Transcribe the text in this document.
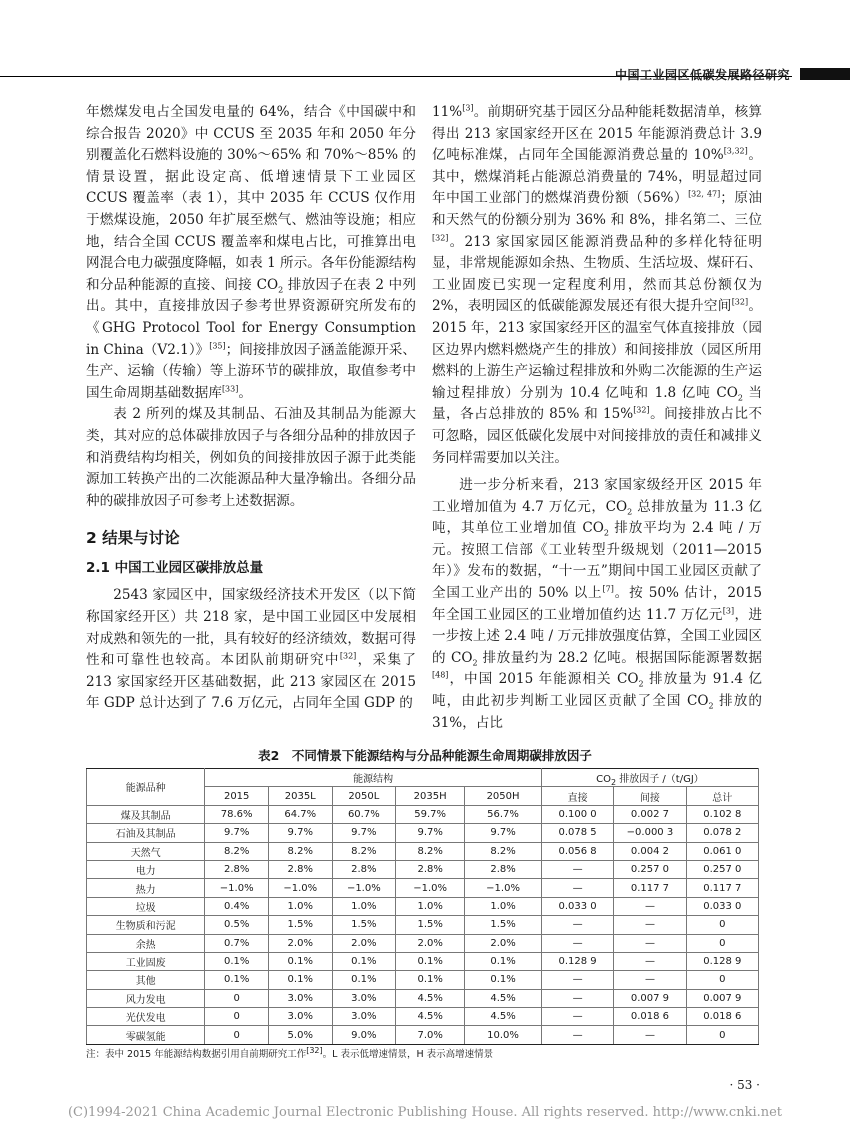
中国工业园区低碳发展路径研究

年燃煤发电占全国发电量的 64%，结合《中国碳中和综合报告 2020》中 CCUS 至 2035 年和 2050 年分别覆盖化石燃料设施的 30%～65% 和 70%～85% 的情景设置，据此设定高、低增速情景下工业园区 CCUS 覆盖率（表 1），其中 2035 年 CCUS 仅作用于燃煤设施，2050 年扩展至燃气、燃油等设施；相应地，结合全国 CCUS 覆盖率和煤电占比，可推算出电网混合电力碳强度降幅，如表 1 所示。各年份能源结构和分品种能源的直接、间接 $CO_2$ 排放因子在表 2 中列出。其中，直接排放因子参考世界资源研究所发布的《GHG Protocol Tool for Energy Consumption in China（V2.1）》[35]；间接排放因子涵盖能源开采、生产、运输（传输）等上游环节的碳排放，取值参考中国生命周期基础数据库[33]。

表 2 所列的煤及其制品、石油及其制品为能源大类，其对应的总体碳排放因子与各细分品种的排放因子和消费结构均相关，例如负的间接排放因子源于此类能源加工转换产出的二次能源品种大量净输出。各细分品种的碳排放因子可参考上述数据源。

2 结果与讨论
2.1 中国工业园区碳排放总量

2543 家园区中，国家级经济技术开发区（以下简称国家经开区）共 218 家，是中国工业园区中发展相对成熟和领先的一批，具有较好的经济绩效，数据可得性和可靠性也较高。本团队前期研究中[32]，采集了 213 家国家经开区基础数据，此 213 家园区在 2015 年 GDP 总计达到了 7.6 万亿元，占同年全国 GDP 的

11%[3]。前期研究基于园区分品种能耗数据清单，核算得出 213 家国家经开区在 2015 年能源消费总计 3.9 亿吨标准煤，占同年全国能源消费总量的 10%[3,32]。其中，燃煤消耗占能源总消费量的 74%，明显超过同年中国工业部门的燃煤消费份额（56%）[32, 47]；原油和天然气的份额分别为 36% 和 8%，排名第二、三位[32]。213 家国家园区能源消费品种的多样化特征明显，非常规能源如余热、生物质、生活垃圾、煤矸石、工业固废已实现一定程度利用，然而其总份额仅为 2%，表明园区的低碳能源发展还有很大提升空间[32]。2015 年，213 家国家经开区的温室气体直接排放（园区边界内燃料燃烧产生的排放）和间接排放（园区所用燃料的上游生产运输过程排放和外购二次能源的生产运输过程排放）分别为 10.4 亿吨和 1.8 亿吨 $CO_2$ 当量，各占总排放的 85% 和 15%[32]。间接排放占比不可忽略，园区低碳化发展中对间接排放的责任和减排义务同样需要加以关注。

进一步分析来看，213 家国家级经开区 2015 年工业增加值为 4.7 万亿元，$CO_2$ 总排放量为 11.3 亿吨，其单位工业增加值 $CO_2$ 排放平均为 2.4 吨 / 万元。按照工信部《工业转型升级规划（2011—2015 年）》发布的数据，“十一五”期间中国工业园区贡献了全国工业产出的 50% 以上[7]。按 50% 估计，2015 年全国工业园区的工业增加值约达 11.7 万亿元[3]，进一步按上述 2.4 吨 / 万元排放强度估算，全国工业园区的 $CO_2$ 排放量约为 28.2 亿吨。根据国际能源署数据[48]，中国 2015 年能源相关 $CO_2$ 排放量为 91.4 亿吨，由此初步判断工业园区贡献了全国 $CO_2$ 排放的 31%，占比

表2　不同情景下能源结构与分品种能源生命周期碳排放因子
能源品种	能源结构					$CO_2$ 排放因子 /（t/GJ）		
	2015	2035L	2050L	2035H	2050H	直接	间接	总计
煤及其制品	78.6%	64.7%	60.7%	59.7%	56.7%	0.100 0	0.002 7	0.102 8
石油及其制品	9.7%	9.7%	9.7%	9.7%	9.7%	0.078 5	−0.000 3	0.078 2
天然气	8.2%	8.2%	8.2%	8.2%	8.2%	0.056 8	0.004 2	0.061 0
电力	2.8%	2.8%	2.8%	2.8%	2.8%	—	0.257 0	0.257 0
热力	−1.0%	−1.0%	−1.0%	−1.0%	−1.0%	—	0.117 7	0.117 7
垃圾	0.4%	1.0%	1.0%	1.0%	1.0%	0.033 0	—	0.033 0
生物质和污泥	0.5%	1.5%	1.5%	1.5%	1.5%	—	—	0
余热	0.7%	2.0%	2.0%	2.0%	2.0%	—	—	0
工业固废	0.1%	0.1%	0.1%	0.1%	0.1%	0.128 9	—	0.128 9
其他	0.1%	0.1%	0.1%	0.1%	0.1%	—	—	0
风力发电	0	3.0%	3.0%	4.5%	4.5%	—	0.007 9	0.007 9
光伏发电	0	3.0%	3.0%	4.5%	4.5%	—	0.018 6	0.018 6
零碳氢能	0	5.0%	9.0%	7.0%	10.0%	—	—	0
注：表中 2015 年能源结构数据引用自前期研究工作[32]。L 表示低增速情景，H 表示高增速情景
· 53 ·
(C)1994-2021 China Academic Journal Electronic Publishing House. All rights reserved. http://www.cnki.net
